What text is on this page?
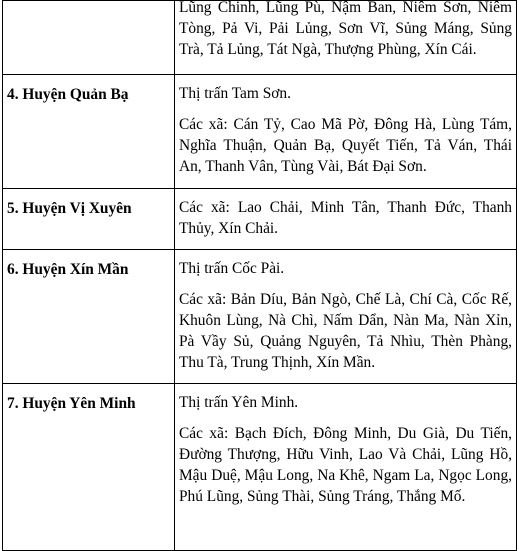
	Lũng Chinh, Lũng Pù, Nậm Ban, Niêm Sơn, Niêm Tòng, Pả Vi, Pải Lủng, Sơn Vĩ, Sủng Máng, Sủng Trà, Tả Lủng, Tát Ngà, Thượng Phùng, Xín Cái.

4. Huyện Quản Bạ	Thị trấn Tam Sơn.

Các xã: Cán Tỷ, Cao Mã Pờ, Đông Hà, Lùng Tám, Nghĩa Thuận, Quản Bạ, Quyết Tiến, Tả Ván, Thái An, Thanh Vân, Tùng Vài, Bát Đại Sơn.

5. Huyện Vị Xuyên	Các xã: Lao Chải, Minh Tân, Thanh Đức, Thanh Thủy, Xín Chải.

6. Huyện Xín Mần	Thị trấn Cốc Pài.

Các xã: Bản Díu, Bản Ngò, Chế Là, Chí Cà, Cốc Rế, Khuôn Lùng, Nà Chì, Nấm Dẩn, Nàn Ma, Nàn Xỉn, Pà Vầy Sủ, Quảng Nguyên, Tả Nhìu, Thèn Phàng, Thu Tà, Trung Thịnh, Xín Mần.

7. Huyện Yên Minh	Thị trấn Yên Minh.

Các xã: Bạch Đích, Đông Minh, Du Già, Du Tiến, Đường Thượng, Hữu Vinh, Lao Và Chải, Lũng Hồ, Mậu Duệ, Mậu Long, Na Khê, Ngam La, Ngọc Long, Phú Lũng, Sủng Thài, Sủng Tráng, Thắng Mố.
